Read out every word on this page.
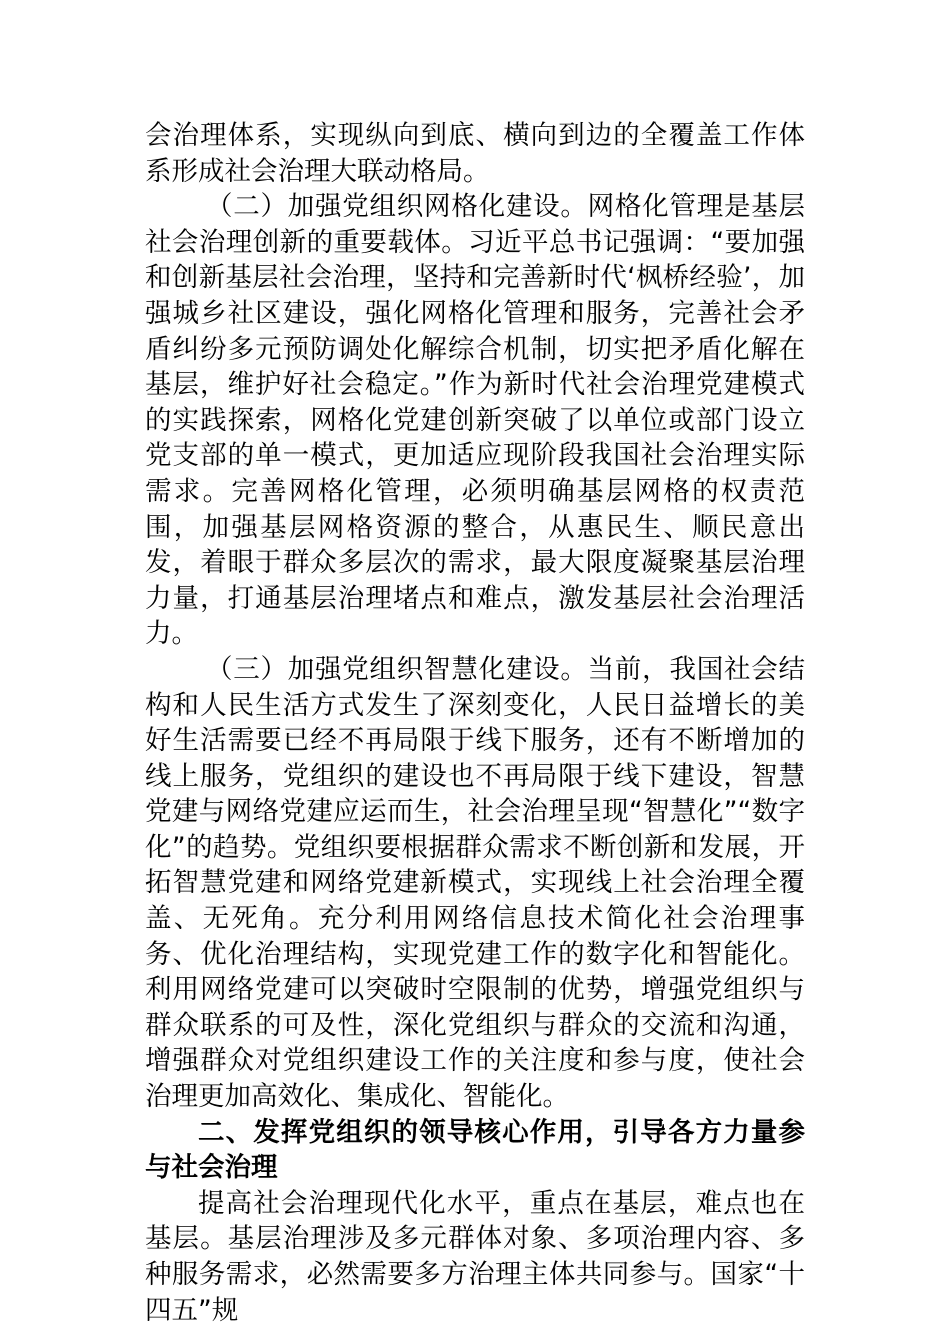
会治理体系，实现纵向到底、横向到边的全覆盖工作体系形成社会治理大联动格局。

（二）加强党组织网格化建设。网格化管理是基层社会治理创新的重要载体。习近平总书记强调：“要加强和创新基层社会治理，坚持和完善新时代‘枫桥经验’，加强城乡社区建设，强化网格化管理和服务，完善社会矛盾纠纷多元预防调处化解综合机制，切实把矛盾化解在基层，维护好社会稳定。”作为新时代社会治理党建模式的实践探索，网格化党建创新突破了以单位或部门设立党支部的单一模式，更加适应现阶段我国社会治理实际需求。完善网格化管理，必须明确基层网格的权责范围，加强基层网格资源的整合，从惠民生、顺民意出发，着眼于群众多层次的需求，最大限度凝聚基层治理力量，打通基层治理堵点和难点，激发基层社会治理活力。

（三）加强党组织智慧化建设。当前，我国社会结构和人民生活方式发生了深刻变化，人民日益增长的美好生活需要已经不再局限于线下服务，还有不断增加的线上服务，党组织的建设也不再局限于线下建设，智慧党建与网络党建应运而生，社会治理呈现“智慧化”“数字化”的趋势。党组织要根据群众需求不断创新和发展，开拓智慧党建和网络党建新模式，实现线上社会治理全覆盖、无死角。充分利用网络信息技术简化社会治理事务、优化治理结构，实现党建工作的数字化和智能化。利用网络党建可以突破时空限制的优势，增强党组织与群众联系的可及性，深化党组织与群众的交流和沟通，增强群众对党组织建设工作的关注度和参与度，使社会治理更加高效化、集成化、智能化。

二、发挥党组织的领导核心作用，引导各方力量参与社会治理

提高社会治理现代化水平，重点在基层，难点也在基层。基层治理涉及多元群体对象、多项治理内容、多种服务需求，必然需要多方治理主体共同参与。国家“十四五”规
